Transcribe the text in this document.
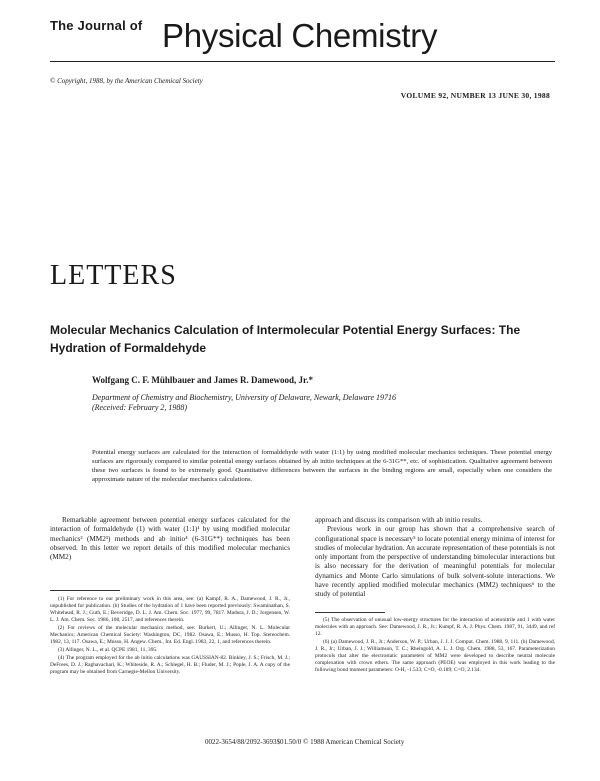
The Journal of Physical Chemistry
© Copyright, 1988, by the American Chemical Society
VOLUME 92, NUMBER 13 JUNE 30, 1988
LETTERS
Molecular Mechanics Calculation of Intermolecular Potential Energy Surfaces: The Hydration of Formaldehyde
Wolfgang C. F. Mühlbauer and James R. Damewood, Jr.*
Department of Chemistry and Biochemistry, University of Delaware, Newark, Delaware 19716
(Received: February 2, 1988)
Potential energy surfaces are calculated for the interaction of formaldehyde with water (1:1) by using modified molecular mechanics techniques. These potential energy surfaces are rigorously compared to similar potential energy surfaces obtained by ab initio techniques at the 6-31G**, etc. of sophistication. Qualitative agreement between these two surfaces is found to be extremely good. Quantitative differences between the surfaces in the binding regions are small, especially when one considers the approximate nature of the molecular mechanics calculations.

Remarkable agreement between potential energy surfaces calculated for the interaction of formaldehyde (1) with water (1:1)¹ by using modified molecular mechanics² (MM2³) methods and ab initio⁴ (6-31G**) techniques has been observed. In this letter we report details of this modified molecular mechanics (MM2)

approach and discuss its comparison with ab initio results.

Previous work in our group has shown that a comprehensive search of configurational space is necessary⁵ to locate potential energy minima of interest for studies of molecular hydration. An accurate representation of these potentials is not only important from the perspective of understanding bimolecular interactions but is also necessary for the derivation of meaningful potentials for molecular dynamics and Monte Carlo simulations of bulk solvent-solute interactions. We have recently applied modified molecular mechanics (MM2) techniques⁶ to the study of potential

(1) For reference to our preliminary work in this area, see: (a) Kampf, R. A., Damewood, J. R., Jr., unpublished for publication. (b) Studies of the hydration of 1 have been reported previously: Swaminathan, S. Whitehead, R. J.; Guth, E.; Beveridge, D. L. J. Am. Chem. Soc. 1977, 99, 7817. Madura, J. D.; Jorgensen, W. L. J. Am. Chem. Soc. 1986, 108, 2517, and references therein.

(2) For reviews of the molecular mechanics method, see: Burkert, U.; Allinger, N. L. Molecular Mechanics; American Chemical Society: Washington, DC, 1982. Osawa, E.; Musso, H. Top. Stereochem. 1982, 13, 117. Osawa, E.; Musso, H. Angew. Chem., Int. Ed. Engl. 1983, 22, 1, and references therein.

(3) Allinger, N. L., et al. QCPE 1981, 11, 395.

(4) The program employed for the ab initio calculations was GAUSSIAN-82. Binkley, J. S.; Frisch, M. J.; DeFrees, D. J.; Raghavachari, K.; Whiteside, R. A.; Schlegel, H. B.; Fluder, M. J.; Pople, J. A. A copy of the program may be obtained from Carnegie-Mellon University.

(5) The observation of unusual low-energy structures for the interaction of acetonitrile and 1 with water molecules with an approach. See: Damewood, J. R., Jr.; Kumpf, R. A. J. Phys. Chem. 1987, 91, 3449, and ref 12.

(6) (a) Damewood, J. R., Jr.; Anderson, W. P.; Urban, J. J. J. Comput. Chem. 1988, 9, 111. (b) Damewood, J. R., Jr.; Urban, J. J.; Williamson, T. C.; Rheingold, A. L. J. Org. Chem. 1988, 53, 167. Parameterization protocols that alter the electrostatic parameters of MM2 were developed to describe neutral molecule complexation with crown ethers. The same approach (PEOE) was employed in this work leading to the following bond moment parameters: O-H, -1.533; C=O, -0.189; C=O, 2.134.

0022-3654/88/2092-3693$01.50/0 © 1988 American Chemical Society
